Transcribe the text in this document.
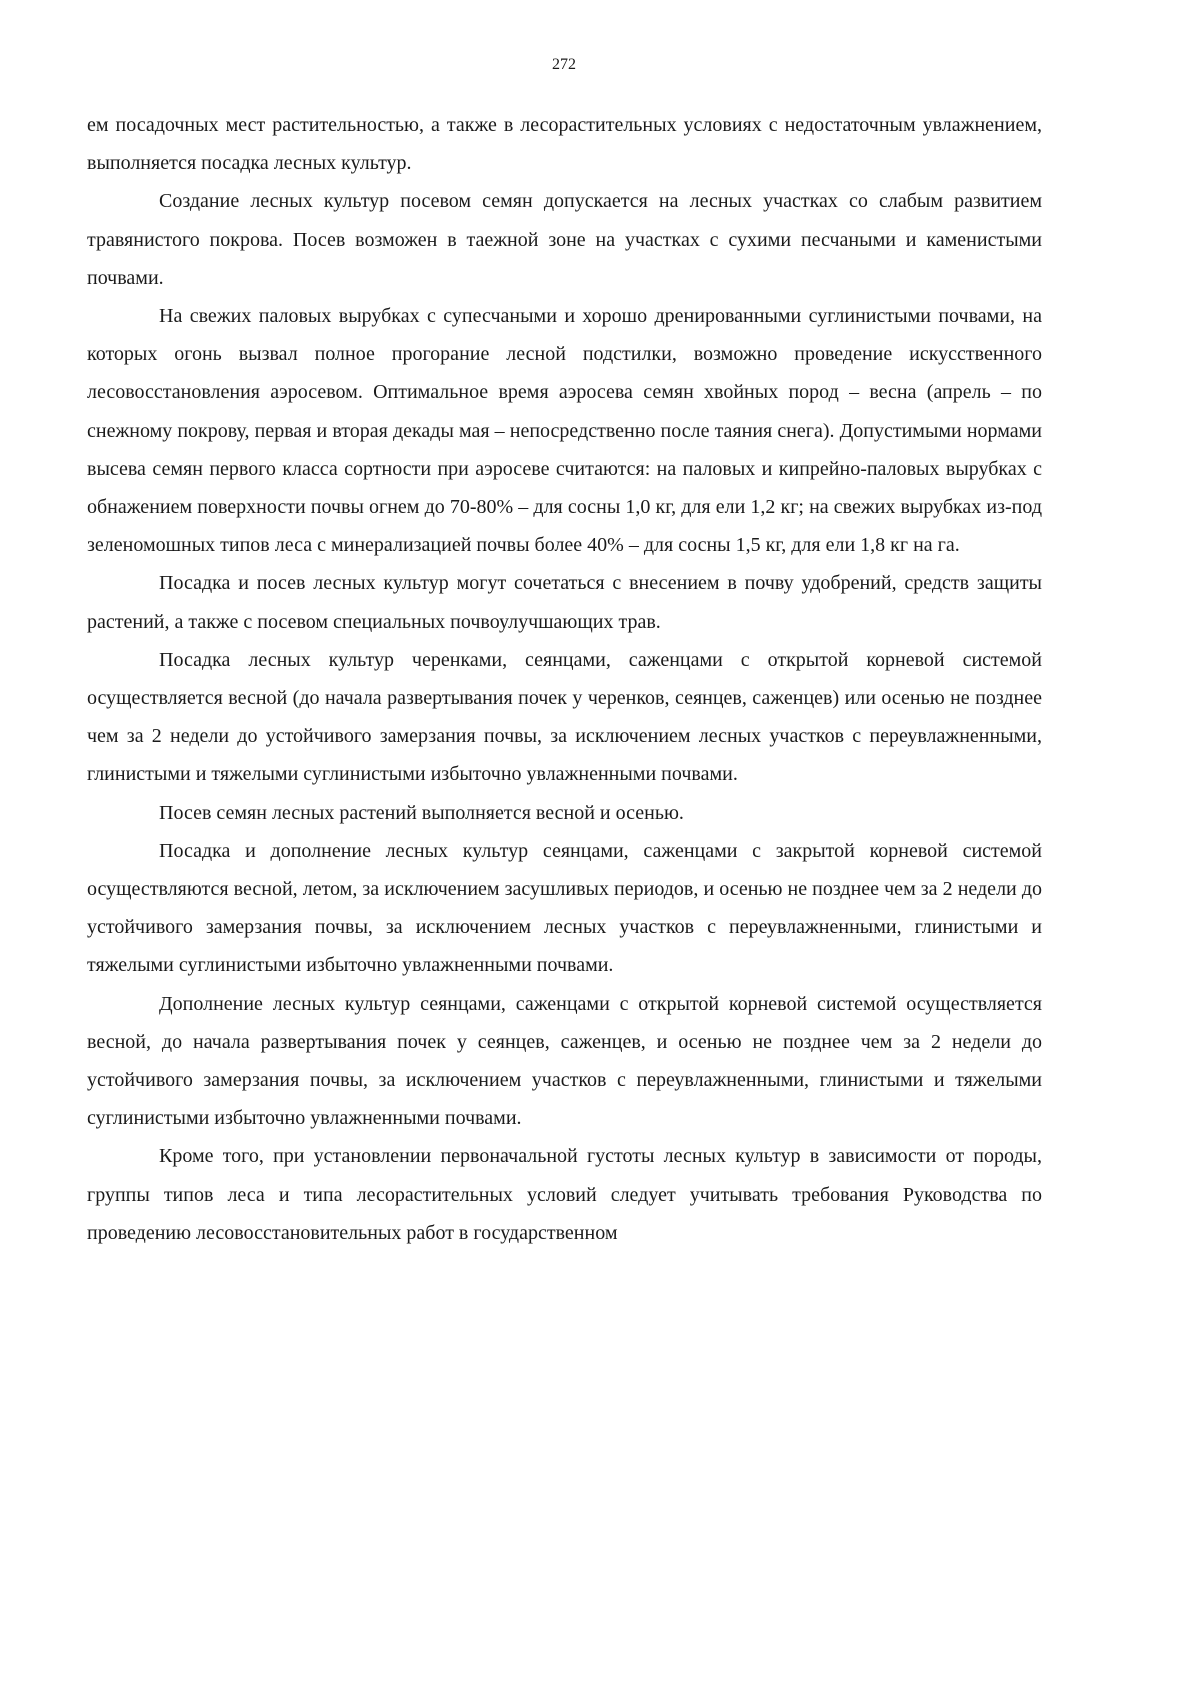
272

ем посадочных мест растительностью, а также в лесорастительных условиях с недостаточным увлажнением, выполняется посадка лесных культур.

Создание лесных культур посевом семян допускается на лесных участках со слабым развитием травянистого покрова. Посев возможен в таежной зоне на участках с сухими песчаными и каменистыми почвами.

На свежих паловых вырубках с супесчаными и хорошо дренированными суглинистыми почвами, на которых огонь вызвал полное прогорание лесной подстилки, возможно проведение искусственного лесовосстановления аэросевом. Оптимальное время аэросева семян хвойных пород – весна (апрель – по снежному покрову, первая и вторая декады мая – непосредственно после таяния снега). Допустимыми нормами высева семян первого класса сортности при аэросеве считаются: на паловых и кипрейно-паловых вырубках с обнажением поверхности почвы огнем до 70-80% – для сосны 1,0 кг, для ели 1,2 кг; на свежих вырубках из-под зеленомошных типов леса с минерализацией почвы более 40% – для сосны 1,5 кг, для ели 1,8 кг на га.

Посадка и посев лесных культур могут сочетаться с внесением в почву удобрений, средств защиты растений, а также с посевом специальных почвоулучшающих трав.

Посадка лесных культур черенками, сеянцами, саженцами с открытой корневой системой осуществляется весной (до начала развертывания почек у черенков, сеянцев, саженцев) или осенью не позднее чем за 2 недели до устойчивого замерзания почвы, за исключением лесных участков с переувлажненными, глинистыми и тяжелыми суглинистыми избыточно увлажненными почвами.

Посев семян лесных растений выполняется весной и осенью.

Посадка и дополнение лесных культур сеянцами, саженцами с закрытой корневой системой осуществляются весной, летом, за исключением засушливых периодов, и осенью не позднее чем за 2 недели до устойчивого замерзания почвы, за исключением лесных участков с переувлажненными, глинистыми и тяжелыми суглинистыми избыточно увлажненными почвами.

Дополнение лесных культур сеянцами, саженцами с открытой корневой системой осуществляется весной, до начала развертывания почек у сеянцев, саженцев, и осенью не позднее чем за 2 недели до устойчивого замерзания почвы, за исключением участков с переувлажненными, глинистыми и тяжелыми суглинистыми избыточно увлажненными почвами.

Кроме того, при установлении первоначальной густоты лесных культур в зависимости от породы, группы типов леса и типа лесорастительных условий следует учитывать требования Руководства по проведению лесовосстановительных работ в государственном
